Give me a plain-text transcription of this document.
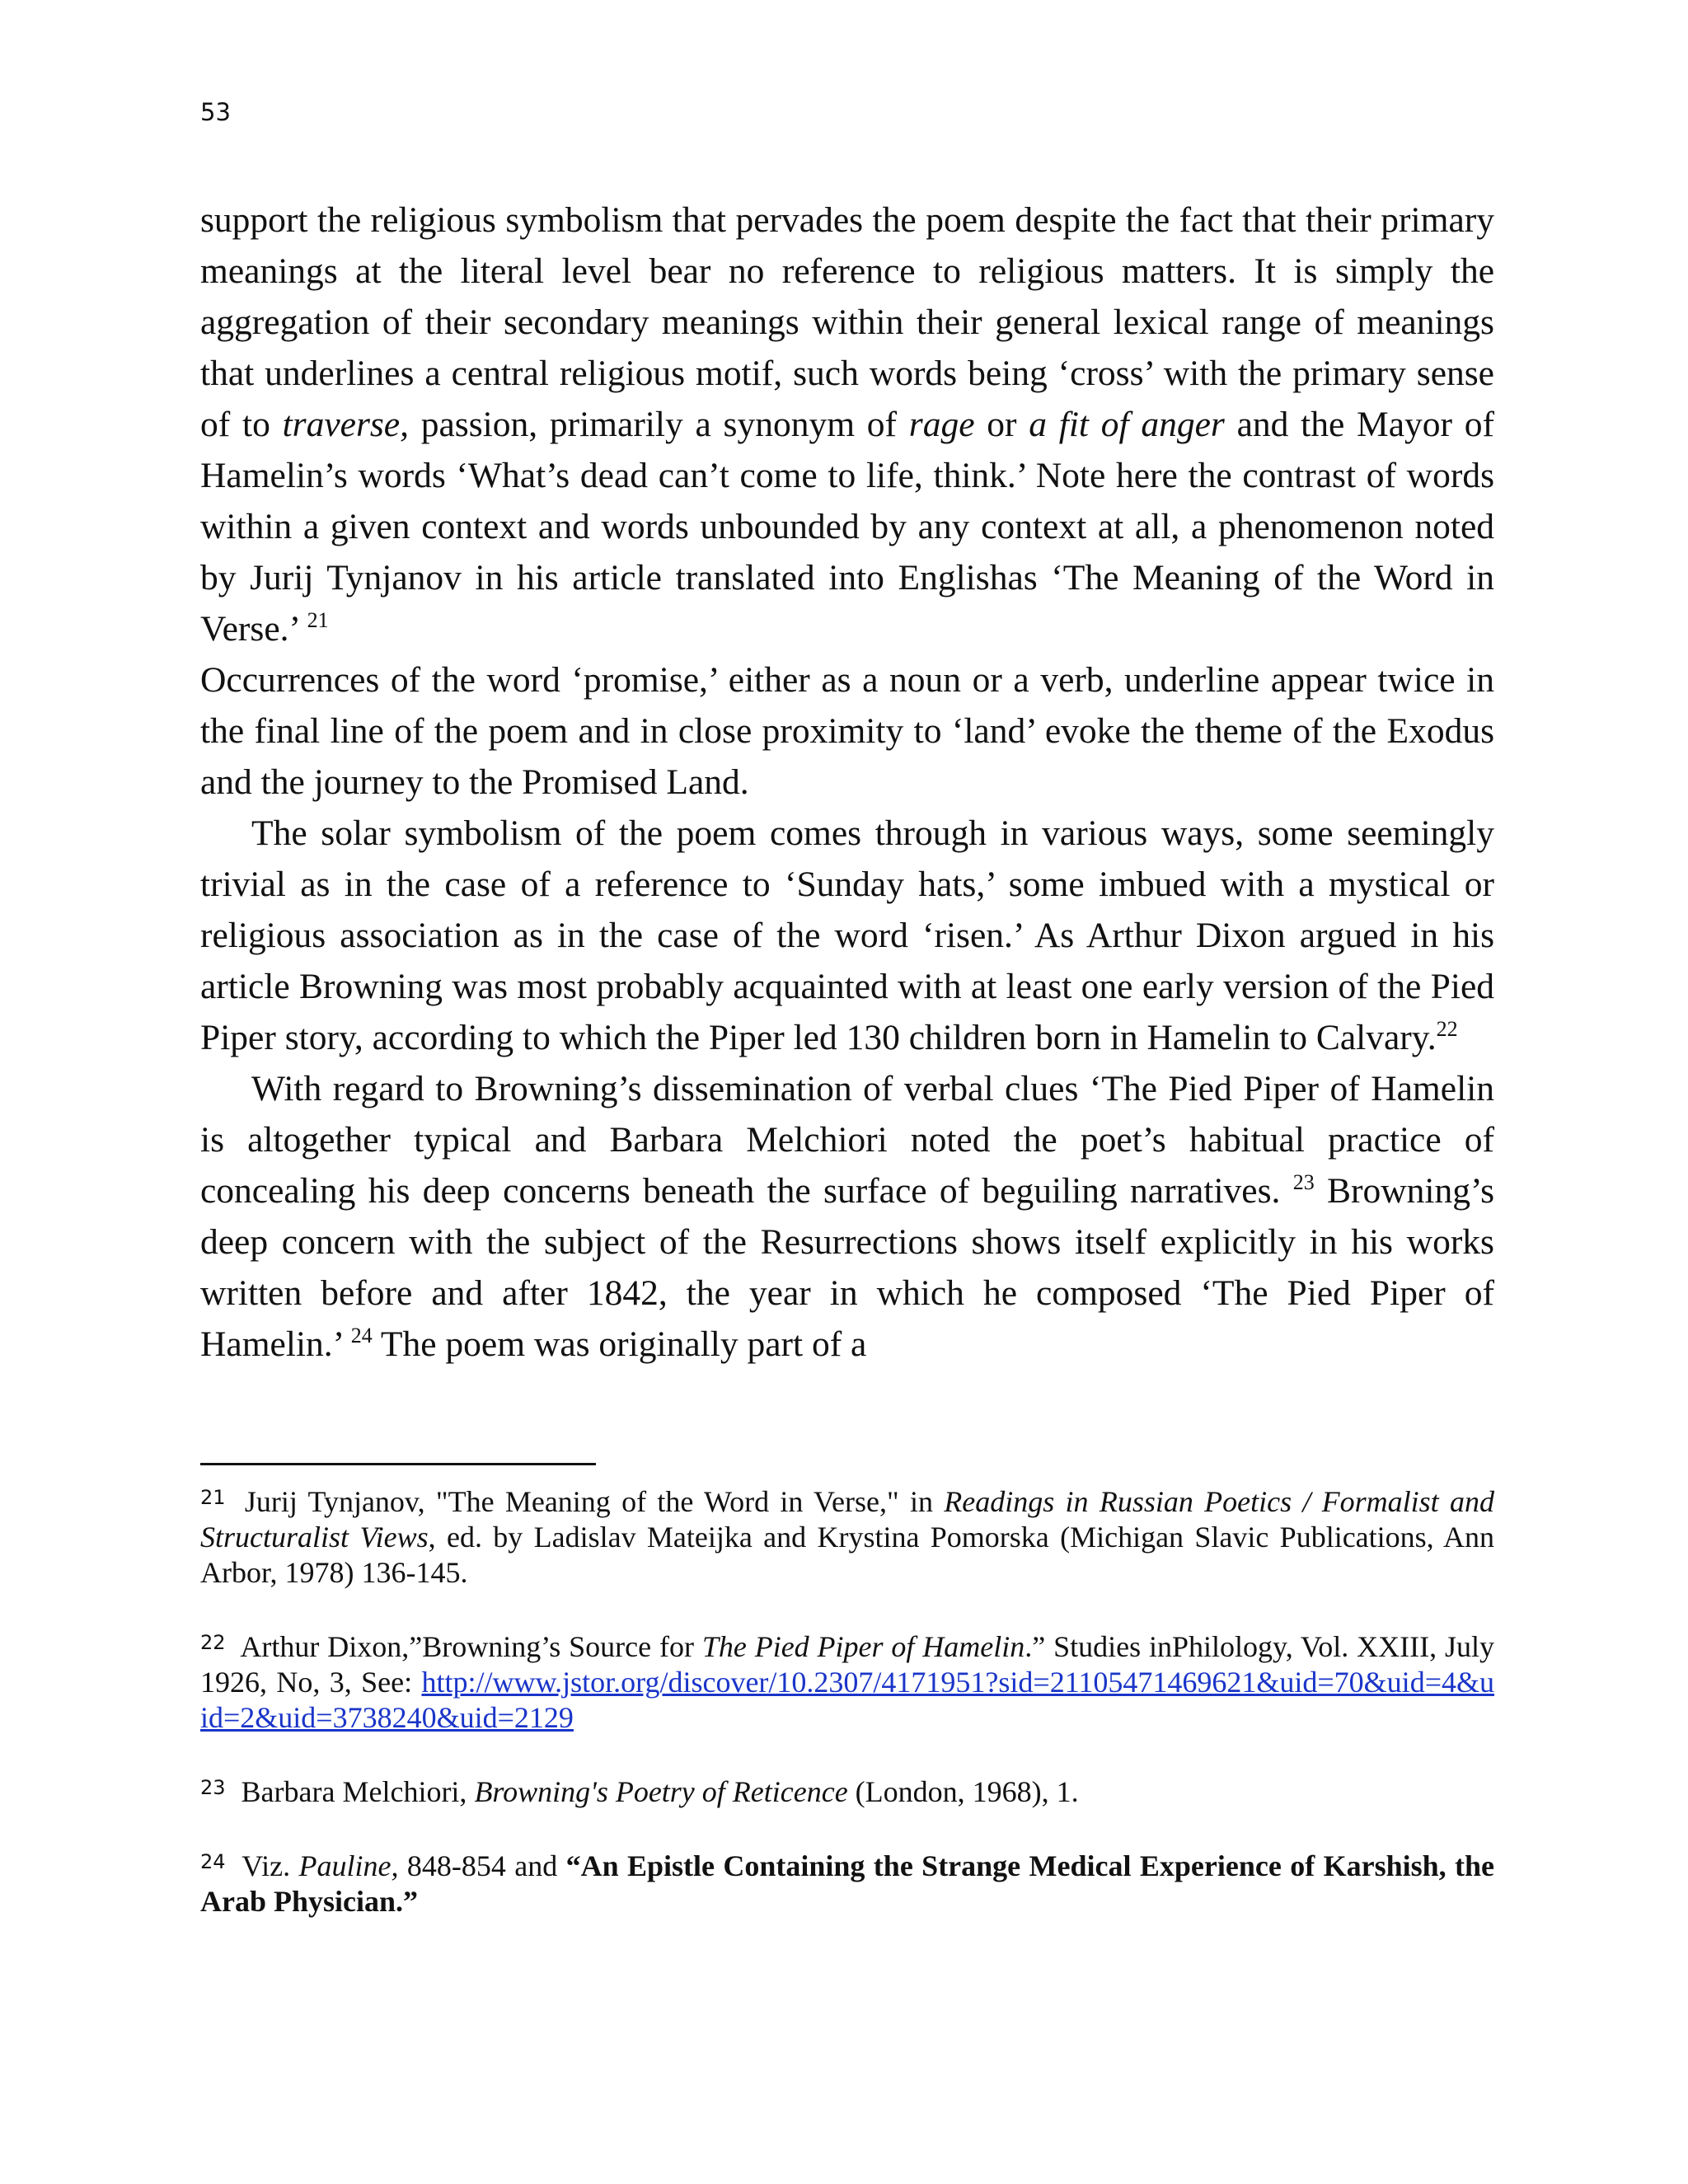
53

support the religious symbolism that pervades the poem despite the fact that their primary meanings at the literal level bear no reference to religious matters. It is simply the aggregation of their secondary meanings within their general lexical range of meanings that underlines a central religious motif, such words being ‘cross’ with the primary sense of to traverse, passion, primarily a synonym of rage or a fit of anger and the Mayor of Hamelin’s words ‘What’s dead can’t come to life, think.’ Note here the contrast of words within a given context and words unbounded by any context at all, a phenomenon noted by Jurij Tynjanov in his article translated into Englishas ‘The Meaning of the Word in Verse.’ $^{21}$

Occurrences of the word ‘promise,’ either as a noun or a verb, underline appear twice in the final line of the poem and in close proximity to ‘land’ evoke the theme of the Exodus and the journey to the Promised Land.

The solar symbolism of the poem comes through in various ways, some seemingly trivial as in the case of a reference to ‘Sunday hats,’ some imbued with a mystical or religious association as in the case of the word ‘risen.’ As Arthur Dixon argued in his article Browning was most probably acquainted with at least one early version of the Pied Piper story, according to which the Piper led 130 children born in Hamelin to Calvary.$^{22}$

With regard to Browning’s dissemination of verbal clues ‘The Pied Piper of Hamelin is altogether typical and Barbara Melchiori noted the poet’s habitual practice of concealing his deep concerns beneath the surface of beguiling narratives. $^{23}$ Browning’s deep concern with the subject of the Resurrections shows itself explicitly in his works written before and after 1842, the year in which he composed ‘The Pied Piper of Hamelin.’ $^{24}$ The poem was originally part of a

$^{21}$ Jurij Tynjanov, "The Meaning of the Word in Verse," in Readings in Russian Poetics / Formalist and Structuralist Views, ed. by Ladislav Mateijka and Krystina Pomorska (Michigan Slavic Publications, Ann Arbor, 1978) 136-145.

$^{22}$ Arthur Dixon,”Browning’s Source for The Pied Piper of Hamelin.” Studies inPhilology, Vol. XXIII, July 1926, No, 3, See: http://www.jstor.org/discover/10.2307/4171951?sid=21105471469621&uid=70&uid=4&uid=2&uid=3738240&uid=2129

$^{23}$ Barbara Melchiori, Browning's Poetry of Reticence (London, 1968), 1.

$^{24}$ Viz. Pauline, 848-854 and “An Epistle Containing the Strange Medical Experience of Karshish, the Arab Physician.”
